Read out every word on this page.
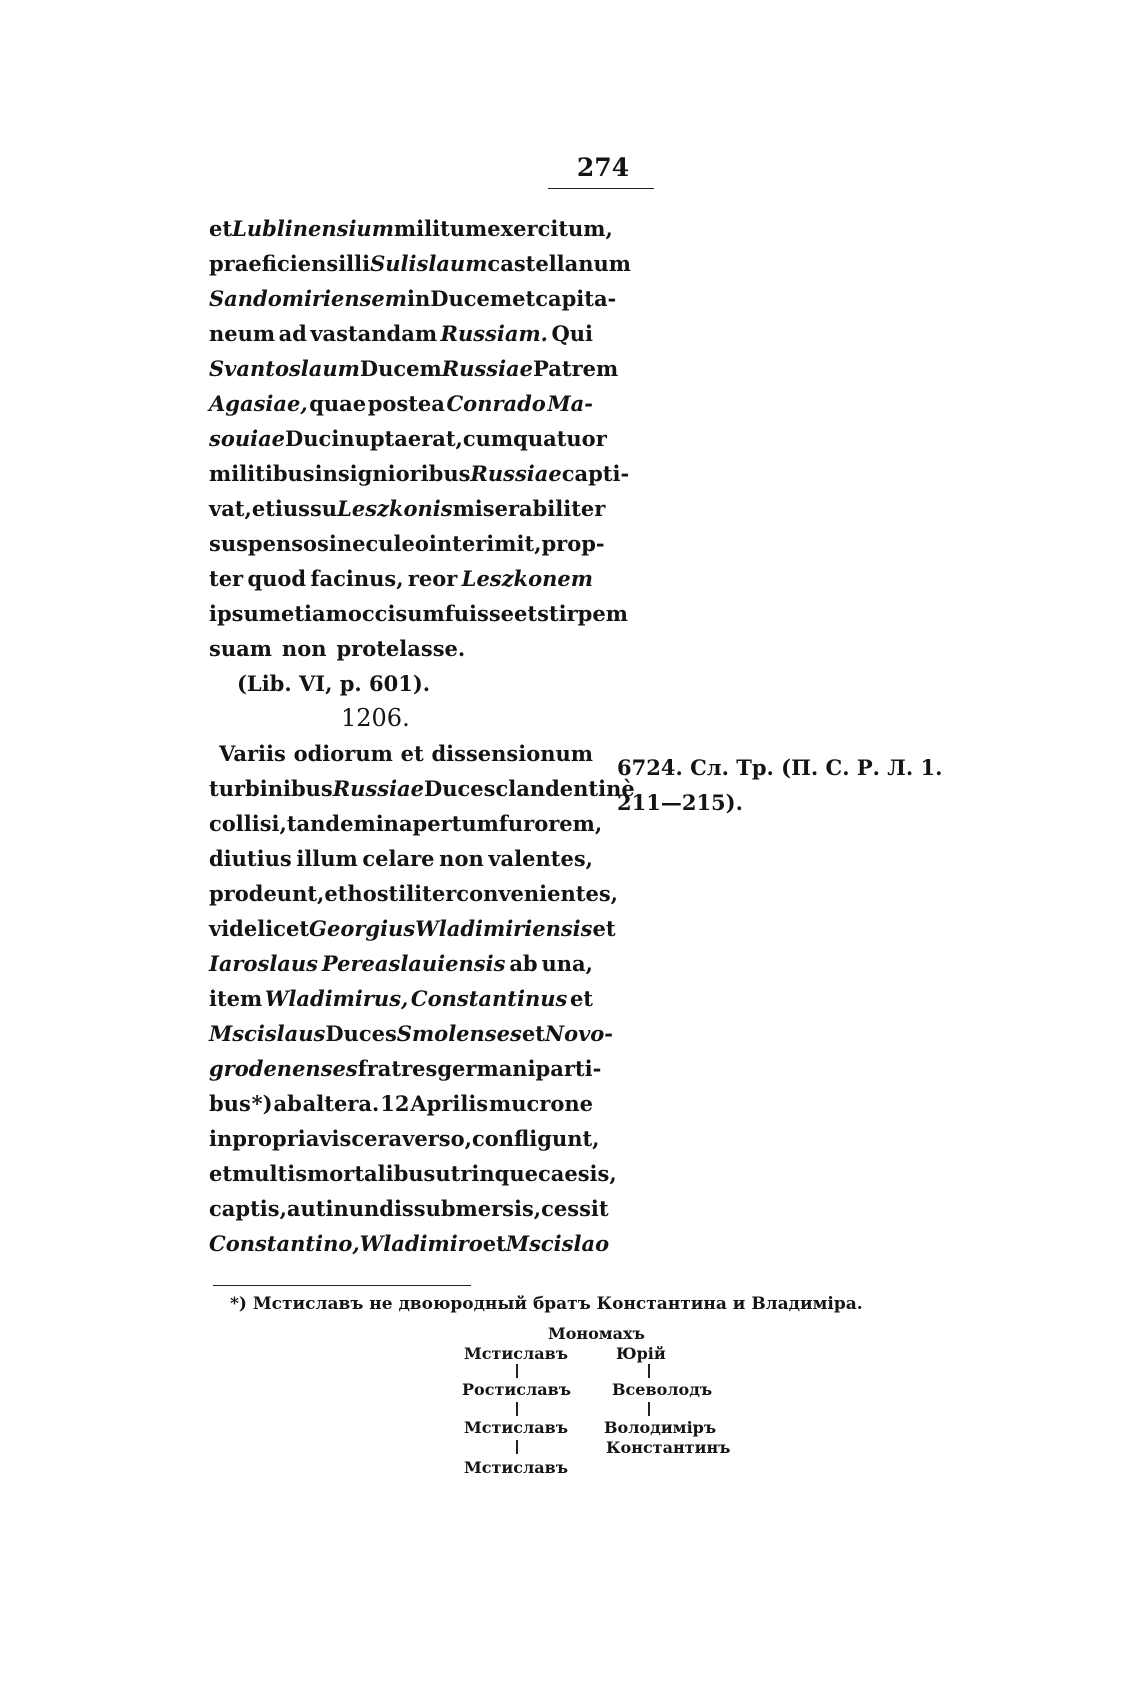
274
et Lublinensium militum exercitum,
praeficiens illi Sulislaum castellanum
Sandomiriensem in Ducem et capita-
neum ad vastandam Russiam. Qui
Svantoslaum Ducem Russiae Patrem
Agasiae, quae postea Conrado Ma-
souiae Duci nupta erat, cum quatuor
militibus insignioribus Russiae capti-
vat, et iussu Leszkonis miserabiliter
suspensos in eculeo interimit, prop-
ter quod facinus, reor Leszkonem
ipsum etiam occisum fuisse et stirpem
suam non protelasse.
(Lib. VI, p. 601).
1206.
Variis odiorum et dissensionum
turbinibus Russiae Duces clandentinè
collisi, tandem in apertum furorem,
diutius illum celare non valentes,
prodeunt, et hostiliter convenientes,
videlicet Georgius Wladimiriensis et
Iaroslaus Pereaslauiensis ab una,
item Wladimirus, Constantinus et
Mscislaus Duces Smolenses et Novo-
grodenenses fratres germani parti-
bus *) ab altera. 12 Aprilis mucrone
in propria viscera verso, confligunt,
et multis mortalibus utrinque caesis,
captis, aut in undis submersis, cessit
Constantino, Wladimiro et Mscislao
6724. Сл. Тр. (П. С. Р. Л. 1.
211—215).
*) Мстиславъ не двоюродный братъ Константина и Владиміра.
Мономахъ
Мстиславъ	Юрій
Ростиславъ	Всеволодъ
Мстиславъ Володиміръ
Константинъ
Мстиславъ
